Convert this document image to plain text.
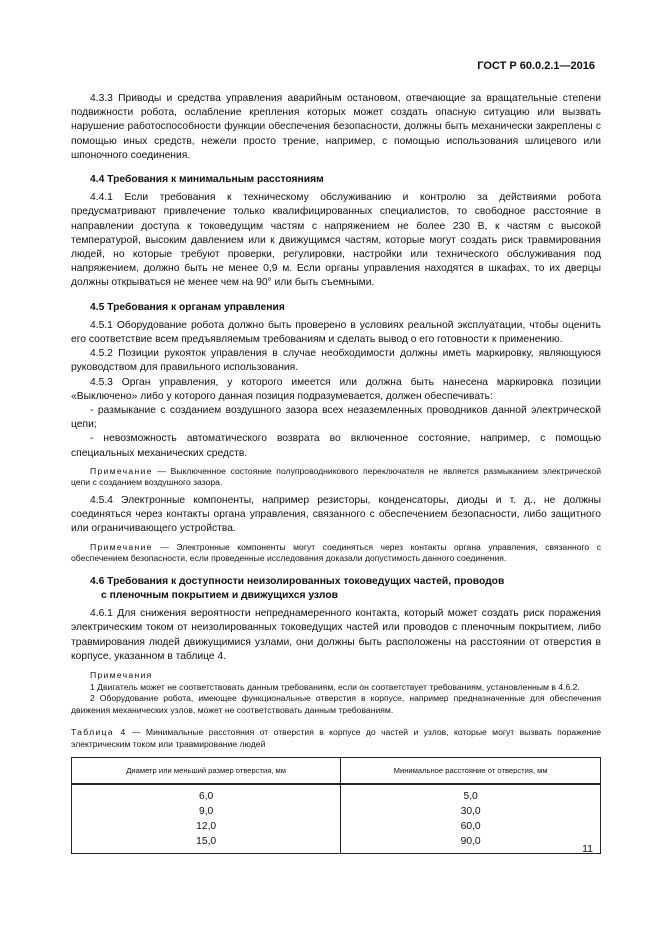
ГОСТ Р 60.0.2.1—2016

4.3.3 Приводы и средства управления аварийным остановом, отвечающие за вращательные степени подвижности робота, ослабление крепления которых может создать опасную ситуацию или вызвать нарушение работоспособности функции обеспечения безопасности, должны быть механически закреплены с помощью иных средств, нежели просто трение, например, с помощью использования шлицевого или шпоночного соединения.

4.4 Требования к минимальным расстояниям

4.4.1 Если требования к техническому обслуживанию и контролю за действиями робота предусматривают привлечение только квалифицированных специалистов, то свободное расстояние в направлении доступа к токоведущим частям с напряжением не более 230 В, к частям с высокой температурой, высоким давлением или к движущимся частям, которые могут создать риск травмирования людей, но которые требуют проверки, регулировки, настройки или технического обслуживания под напряжением, должно быть не менее 0,9 м. Если органы управления находятся в шкафах, то их дверцы должны открываться не менее чем на 90° или быть съемными.

4.5 Требования к органам управления

4.5.1 Оборудование робота должно быть проверено в условиях реальной эксплуатации, чтобы оценить его соответствие всем предъявляемым требованиям и сделать вывод о его готовности к применению.

4.5.2 Позиции рукояток управления в случае необходимости должны иметь маркировку, являющуюся руководством для правильного использования.

4.5.3 Орган управления, у которого имеется или должна быть нанесена маркировка позиции «Выключено» либо у которого данная позиция подразумевается, должен обеспечивать:

- размыкание с созданием воздушного зазора всех незаземленных проводников данной электрической цепи;

- невозможность автоматического возврата во включенное состояние, например, с помощью специальных механических средств.

Примечание — Выключенное состояние полупроводникового переключателя не является размыканием электрической цепи с созданием воздушного зазора.

4.5.4 Электронные компоненты, например резисторы, конденсаторы, диоды и т. д., не должны соединяться через контакты органа управления, связанного с обеспечением безопасности, либо защитного или ограничивающего устройства.

Примечание — Электронные компоненты могут соединяться через контакты органа управления, связанного с обеспечением безопасности, если проведенные исследования доказали допустимость данного соединения.
4.6 Требования к доступности неизолированных токоведущих частей, проводов
с пленочным покрытием и движущихся узлов

4.6.1 Для снижения вероятности непреднамеренного контакта, который может создать риск поражения электрическим током от неизолированных токоведущих частей или проводов с пленочным покрытием, либо травмирования людей движущимися узлами, они должны быть расположены на расстоянии от отверстия в корпусе, указанном в таблице 4.

Примечания
1 Двигатель может не соответствовать данным требованиям, если он соответствует требованиям, установленным в 4.6.2.
2 Оборудование робота, имеющее функциональные отверстия в корпусе, например предназначенные для обеспечения движения механических узлов, может не соответствовать данным требованиям.
Таблица 4 — Минимальные расстояния от отверстия в корпусе до частей и узлов, которые могут вызвать поражение электрическим током или травмирование людей
Диаметр или меньший размер отверстия, мм	Минимальное расстояние от отверстия, мм
6,0	5,0
9,0	30,0
12,0	60,0
15,0	90,0
11
